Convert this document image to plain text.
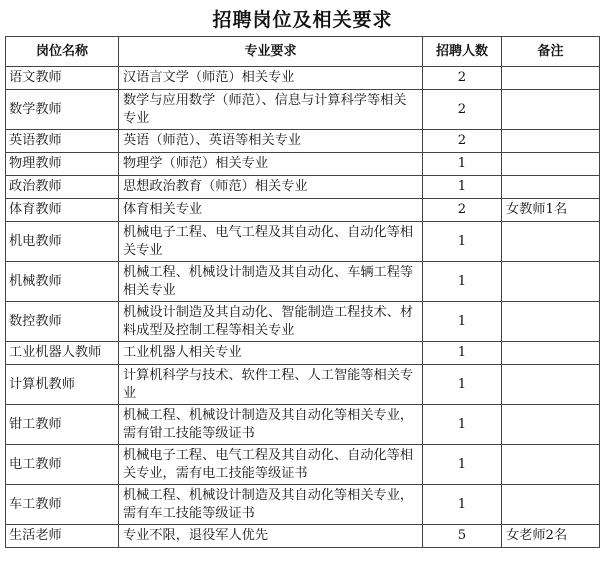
招聘岗位及相关要求
岗位名称	专业要求	招聘人数	备注
语文教师	汉语言文学（师范）相关专业	2	
数学教师	数学与应用数学（师范）、信息与计算科学等相关专业	2	
英语教师	英语（师范）、英语等相关专业	2	
物理教师	物理学（师范）相关专业	1	
政治教师	思想政治教育（师范）相关专业	1	
体育教师	体育相关专业	2	女教师1名
机电教师	机械电子工程、电气工程及其自动化、自动化等相关专业	1	
机械教师	机械工程、机械设计制造及其自动化、车辆工程等相关专业	1	
数控教师	机械设计制造及其自动化、智能制造工程技术、材料成型及控制工程等相关专业	1	
工业机器人教师	工业机器人相关专业	1	
计算机教师	计算机科学与技术、软件工程、人工智能等相关专业	1	
钳工教师	机械工程、机械设计制造及其自动化等相关专业，需有钳工技能等级证书	1	
电工教师	机械电子工程、电气工程及其自动化、自动化等相关专业，需有电工技能等级证书	1	
车工教师	机械工程、机械设计制造及其自动化等相关专业，需有车工技能等级证书	1	
生活老师	专业不限，退役军人优先	5	女老师2名
